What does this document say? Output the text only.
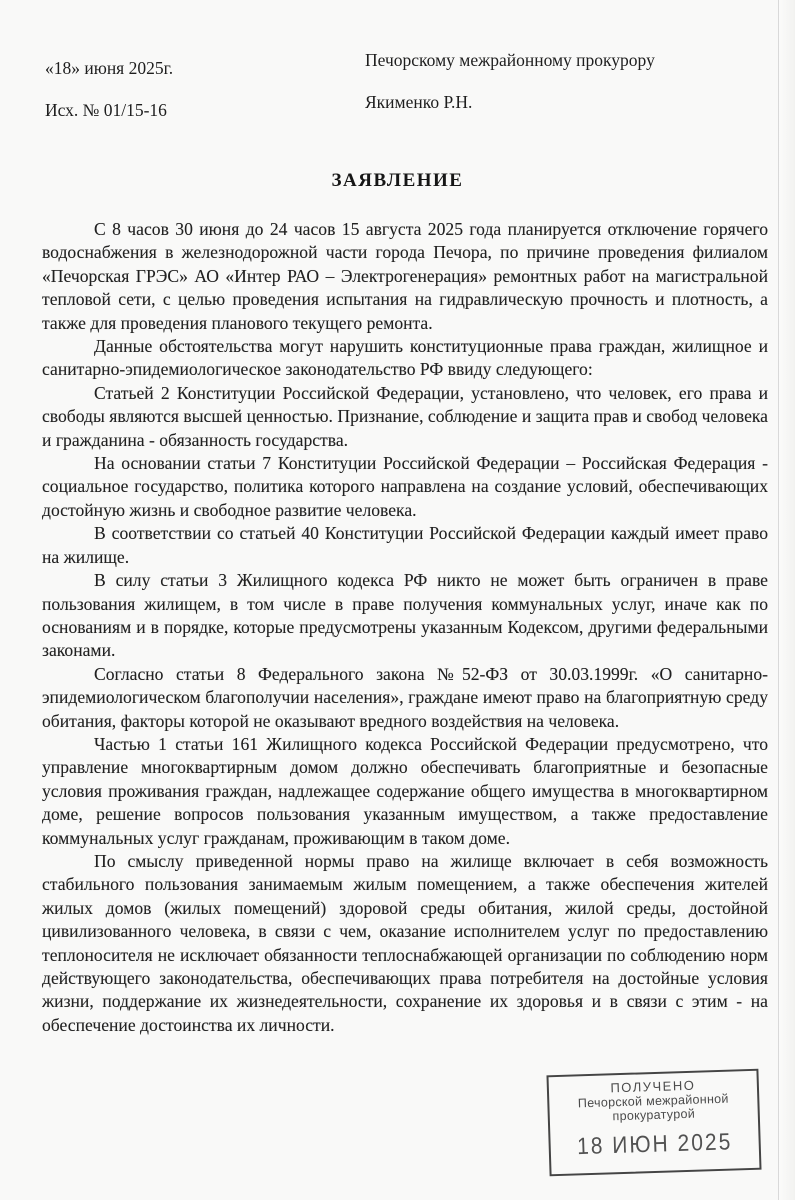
«18» июня 2025г.
Исх. № 01/15-16
Печорскому межрайонному прокурору
Якименко Р.Н.
ЗАЯВЛЕНИЕ

С 8 часов 30 июня до 24 часов 15 августа 2025 года планируется отключение горячего водоснабжения в железнодорожной части города Печора, по причине проведения филиалом «Печорская ГРЭС» АО «Интер РАО – Электрогенерация» ремонтных работ на магистральной тепловой сети, с целью проведения испытания на гидравлическую прочность и плотность, а также для проведения планового текущего ремонта.

Данные обстоятельства могут нарушить конституционные права граждан, жилищное и санитарно-эпидемиологическое законодательство РФ ввиду следующего:

Статьей 2 Конституции Российской Федерации, установлено, что человек, его права и свободы являются высшей ценностью. Признание, соблюдение и защита прав и свобод человека и гражданина - обязанность государства.

На основании статьи 7 Конституции Российской Федерации – Российская Федерация - социальное государство, политика которого направлена на создание условий, обеспечивающих достойную жизнь и свободное развитие человека.

В соответствии со статьей 40 Конституции Российской Федерации каждый имеет право на жилище.

В силу статьи 3 Жилищного кодекса РФ никто не может быть ограничен в праве пользования жилищем, в том числе в праве получения коммунальных услуг, иначе как по основаниям и в порядке, которые предусмотрены указанным Кодексом, другими федеральными законами.

Согласно статьи 8 Федерального закона №52-ФЗ от 30.03.1999г. «О санитарно-эпидемиологическом благополучии населения», граждане имеют право на благоприятную среду обитания, факторы которой не оказывают вредного воздействия на человека.

Частью 1 статьи 161 Жилищного кодекса Российской Федерации предусмотрено, что управление многоквартирным домом должно обеспечивать благоприятные и безопасные условия проживания граждан, надлежащее содержание общего имущества в многоквартирном доме, решение вопросов пользования указанным имуществом, а также предоставление коммунальных услуг гражданам, проживающим в таком доме.

По смыслу приведенной нормы право на жилище включает в себя возможность стабильного пользования занимаемым жилым помещением, а также обеспечения жителей жилых домов (жилых помещений) здоровой среды обитания, жилой среды, достойной цивилизованного человека, в связи с чем, оказание исполнителем услуг по предоставлению теплоносителя не исключает обязанности теплоснабжающей организации по соблюдению норм действующего законодательства, обеспечивающих права потребителя на достойные условия жизни, поддержание их жизнедеятельности, сохранение их здоровья и в связи с этим - на обеспечение достоинства их личности.

ПОЛУЧЕНО
Печорской межрайонной
прокуратурой
18 ИЮН 2025
